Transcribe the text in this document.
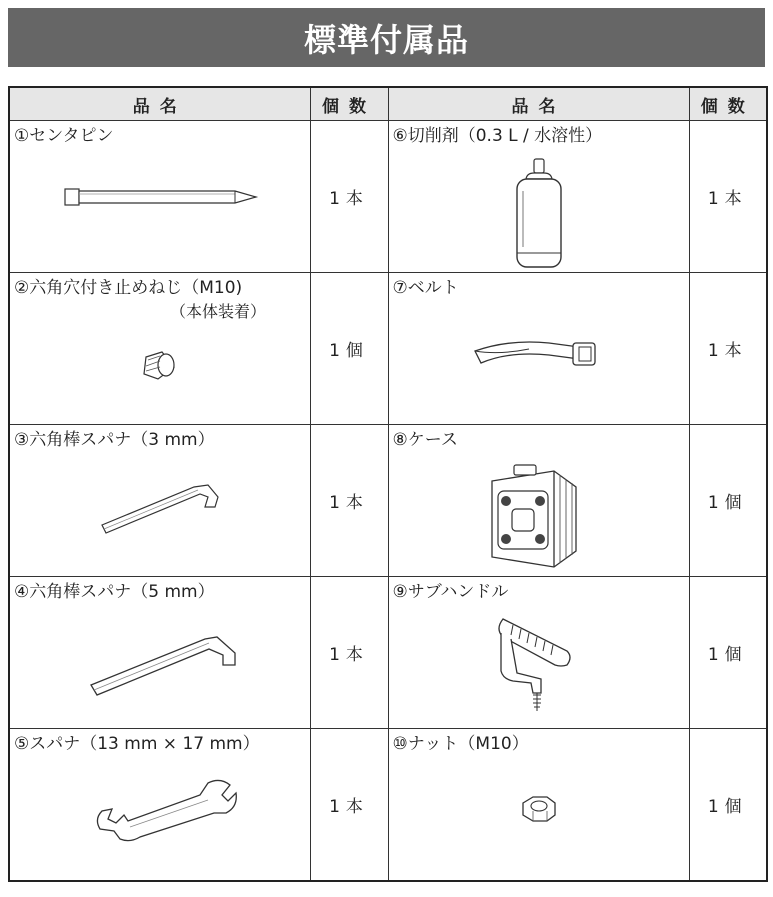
標準付属品
品名	個数	品名	個数

①センタピン	1本	⑥切削剤（0.3 L / 水溶性）	1本

②六角穴付き止めねじ（M10)
（本体装着）	1個	⑦ベルト	1本

③六角棒スパナ（3 mm）	1本	⑧ケース	1個

④六角棒スパナ（5 mm）	1本	⑨サブハンドル	1個

⑤スパナ（13 mm × 17 mm）	1本	⑩ナット（M10）	1個
